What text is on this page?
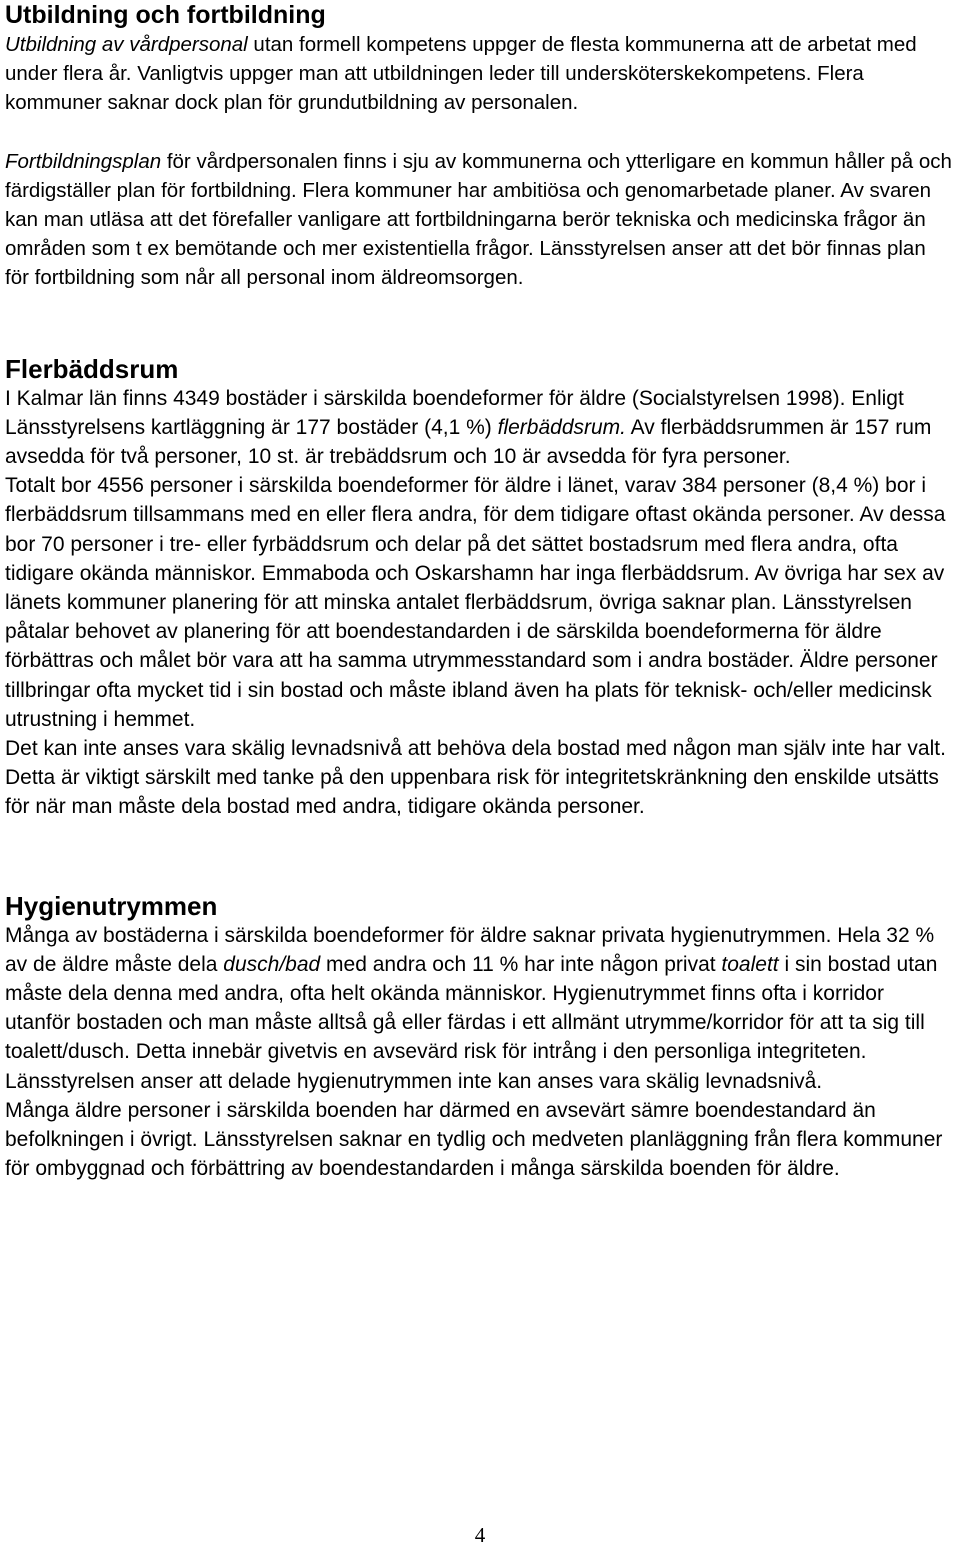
Utbildning och fortbildning

Utbildning av vårdpersonal utan formell kompetens uppger de flesta kommunerna att de arbetat med under flera år. Vanligtvis uppger man att utbildningen leder till undersköterskekompetens. Flera kommuner saknar dock plan för grundutbildning av personalen.

Fortbildningsplan för vårdpersonalen finns i sju av kommunerna och ytterligare en kommun håller på och färdigställer plan för fortbildning. Flera kommuner har ambitiösa och genomarbetade planer. Av svaren kan man utläsa att det förefaller vanligare att fortbildningarna berör tekniska och medicinska frågor än områden som t ex bemötande och mer existentiella frågor. Länsstyrelsen anser att det bör finnas plan för fortbildning som når all personal inom äldreomsorgen.

Flerbäddsrum

I Kalmar län finns 4349 bostäder i särskilda boendeformer för äldre (Socialstyrelsen 1998). Enligt Länsstyrelsens kartläggning är 177 bostäder (4,1 %) flerbäddsrum. Av flerbäddsrummen är 157 rum avsedda för två personer, 10 st. är trebäddsrum och 10 är avsedda för fyra personer.

Totalt bor 4556 personer i särskilda boendeformer för äldre i länet, varav 384 personer (8,4 %) bor i flerbäddsrum tillsammans med en eller flera andra, för dem tidigare oftast okända personer. Av dessa bor 70 personer i tre- eller fyrbäddsrum och delar på det sättet bostadsrum med flera andra, ofta tidigare okända människor. Emmaboda och Oskarshamn har inga flerbäddsrum. Av övriga har sex av länets kommuner planering för att minska antalet flerbäddsrum, övriga saknar plan. Länsstyrelsen påtalar behovet av planering för att boendestandarden i de särskilda boendeformerna för äldre förbättras och målet bör vara att ha samma utrymmesstandard som i andra bostäder. Äldre personer tillbringar ofta mycket tid i sin bostad och måste ibland även ha plats för teknisk- och/eller medicinsk utrustning i hemmet.

Det kan inte anses vara skälig levnadsnivå att behöva dela bostad med någon man själv inte har valt. Detta är viktigt särskilt med tanke på den uppenbara risk för integritetskränkning den enskilde utsätts för när man måste dela bostad med andra, tidigare okända personer.

Hygienutrymmen

Många av bostäderna i särskilda boendeformer för äldre saknar privata hygienutrymmen. Hela 32 % av de äldre måste dela dusch/bad med andra och 11 % har inte någon privat toalett i sin bostad utan måste dela denna med andra, ofta helt okända människor. Hygienutrymmet finns ofta i korridor utanför bostaden och man måste alltså gå eller färdas i ett allmänt utrymme/korridor för att ta sig till toalett/dusch. Detta innebär givetvis en avsevärd risk för intrång i den personliga integriteten. Länsstyrelsen anser att delade hygienutrymmen inte kan anses vara skälig levnadsnivå.

Många äldre personer i särskilda boenden har därmed en avsevärt sämre boendestandard än befolkningen i övrigt. Länsstyrelsen saknar en tydlig och medveten planläggning från flera kommuner för ombyggnad och förbättring av boendestandarden i många särskilda boenden för äldre.

4
